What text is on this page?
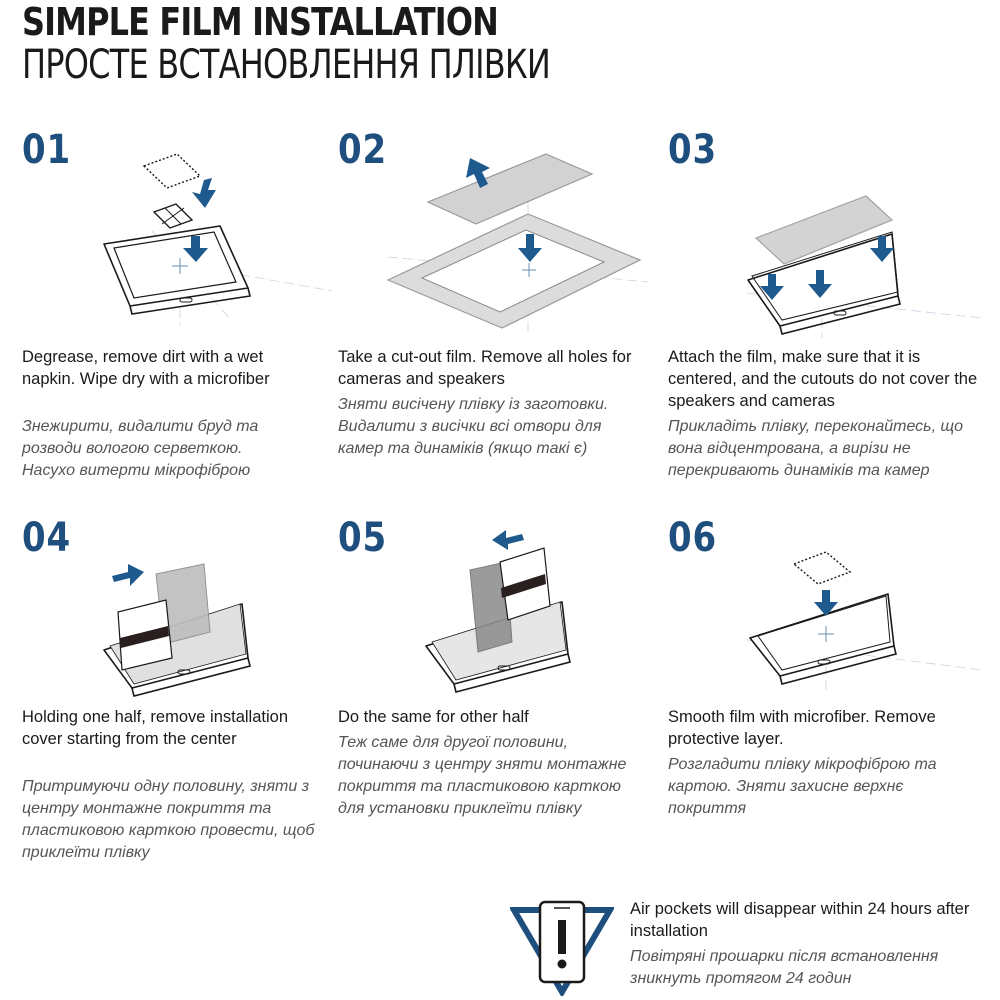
SIMPLE FILM INSTALLATION
ПРОСТЕ ВСТАНОВЛЕННЯ ПЛІВКИ
01
Degrease, remove dirt with a wet napkin. Wipe dry with a microfiber
Знежирити, видалити бруд та розводи вологою серветкою. Насухо витерти мікрофіброю
02
Take a cut-out film. Remove all holes for cameras and speakers
Зняти висічену плівку із заготовки. Видалити з висічки всі отвори для камер та динаміків (якщо такі є)
03
Attach the film, make sure that it is centered, and the cutouts do not cover the speakers and cameras
Прикладіть плівку, переконайтесь, що вона відцентрована, а вирізи не перекривають динаміків та камер
04
Holding one half, remove installation cover starting from the center
Притримуючи одну половину, зняти з центру монтажне покриття та пластиковою карткою провести, щоб приклеїти плівку
05
Do the same for other half
Теж саме для другої половини, починаючи з центру зняти монтажне покриття та пластиковою карткою для установки приклеїти плівку
06
Smooth film with microfiber. Remove protective layer.
Розгладити плівку мікрофіброю та картою. Зняти захисне верхнє покриття
Air pockets will disappear within 24 hours after installation
Повітряні прошарки після встановлення зникнуть протягом 24 годин
